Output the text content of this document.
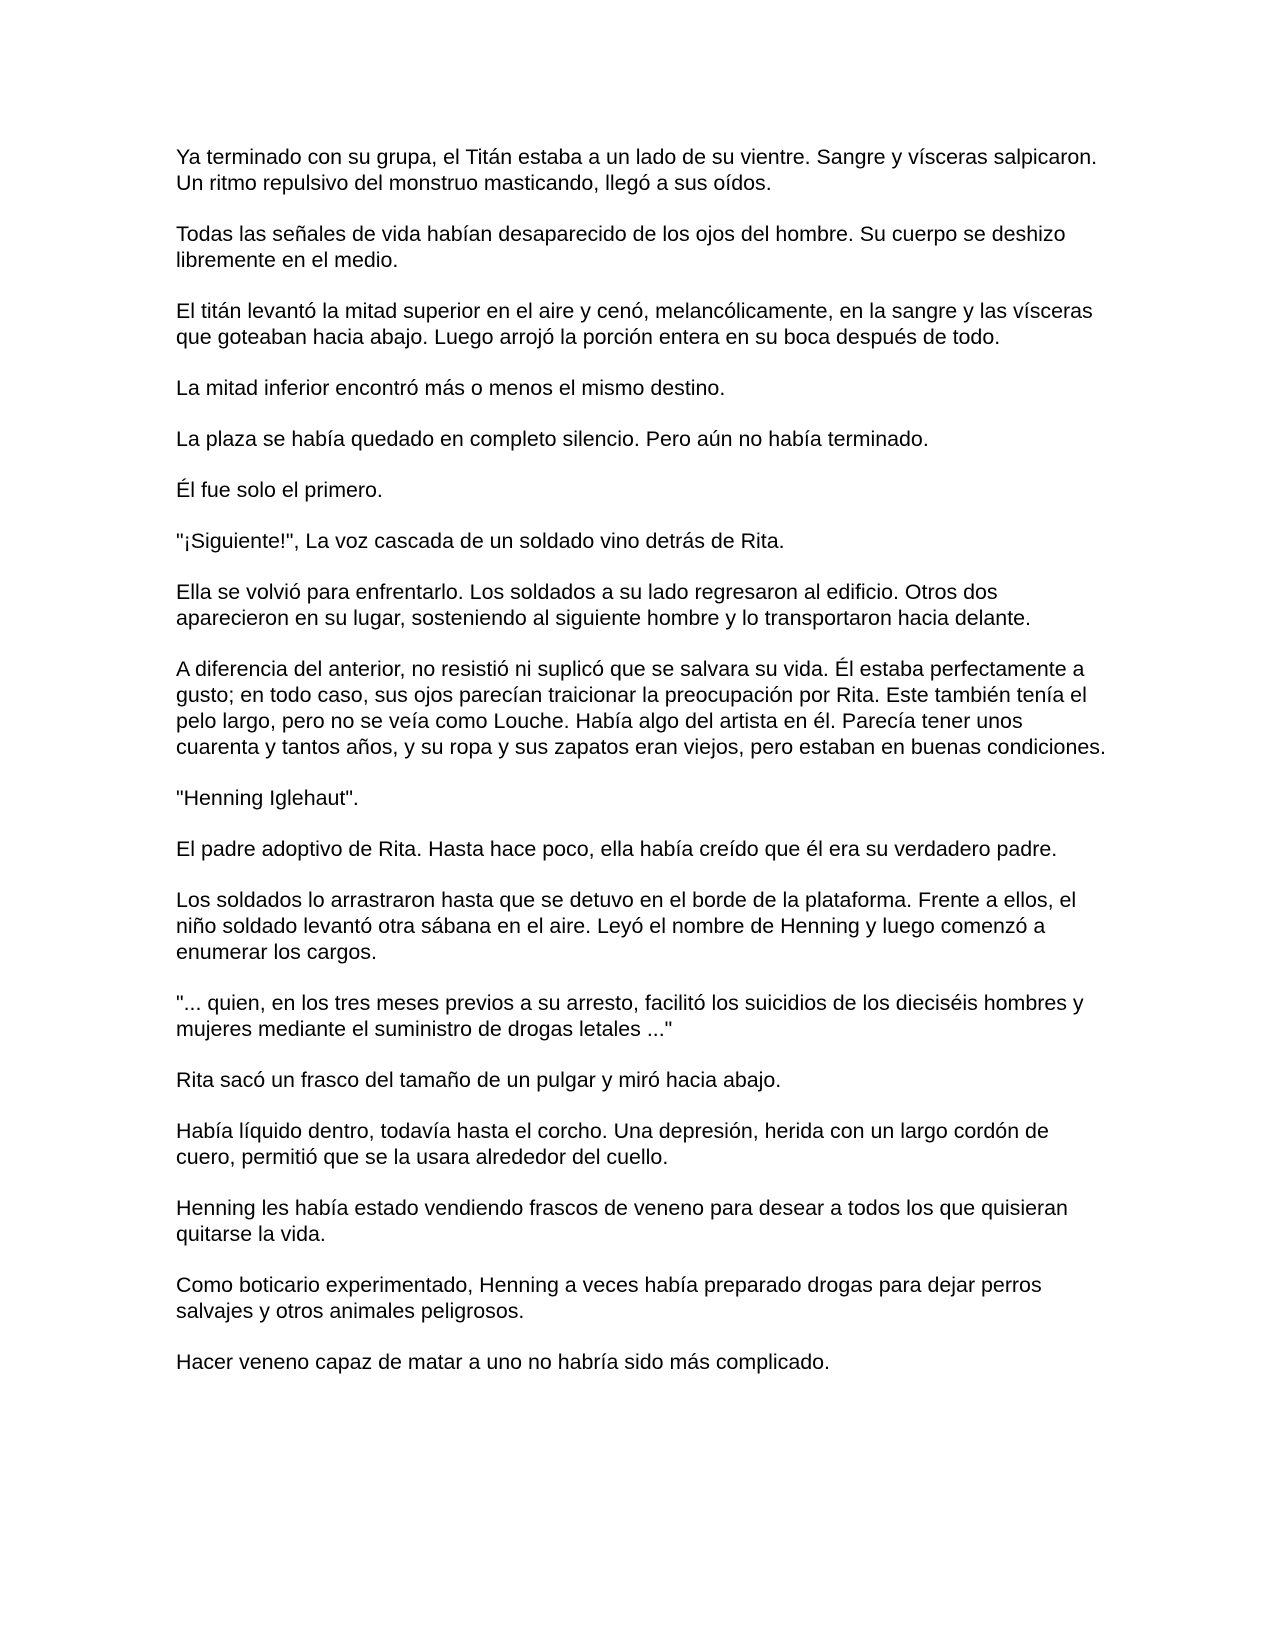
Ya terminado con su grupa, el Titán estaba a un lado de su vientre. Sangre y vísceras salpicaron. Un ritmo repulsivo del monstruo masticando, llegó a sus oídos.

Todas las señales de vida habían desaparecido de los ojos del hombre. Su cuerpo se deshizo libremente en el medio.

El titán levantó la mitad superior en el aire y cenó, melancólicamente, en la sangre y las vísceras que goteaban hacia abajo. Luego arrojó la porción entera en su boca después de todo.

La mitad inferior encontró más o menos el mismo destino.

La plaza se había quedado en completo silencio. Pero aún no había terminado.

Él fue solo el primero.

"¡Siguiente!", La voz cascada de un soldado vino detrás de Rita.

Ella se volvió para enfrentarlo. Los soldados a su lado regresaron al edificio. Otros dos aparecieron en su lugar, sosteniendo al siguiente hombre y lo transportaron hacia delante.

A diferencia del anterior, no resistió ni suplicó que se salvara su vida. Él estaba perfectamente a gusto; en todo caso, sus ojos parecían traicionar la preocupación por Rita. Este también tenía el pelo largo, pero no se veía como Louche. Había algo del artista en él. Parecía tener unos cuarenta y tantos años, y su ropa y sus zapatos eran viejos, pero estaban en buenas condiciones.

"Henning Iglehaut".

El padre adoptivo de Rita. Hasta hace poco, ella había creído que él era su verdadero padre.

Los soldados lo arrastraron hasta que se detuvo en el borde de la plataforma. Frente a ellos, el niño soldado levantó otra sábana en el aire. Leyó el nombre de Henning y luego comenzó a enumerar los cargos.

"... quien, en los tres meses previos a su arresto, facilitó los suicidios de los dieciséis hombres y mujeres mediante el suministro de drogas letales ..."

Rita sacó un frasco del tamaño de un pulgar y miró hacia abajo.

Había líquido dentro, todavía hasta el corcho. Una depresión, herida con un largo cordón de cuero, permitió que se la usara alrededor del cuello.

Henning les había estado vendiendo frascos de veneno para desear a todos los que quisieran quitarse la vida.

Como boticario experimentado, Henning a veces había preparado drogas para dejar perros salvajes y otros animales peligrosos.

Hacer veneno capaz de matar a uno no habría sido más complicado.
